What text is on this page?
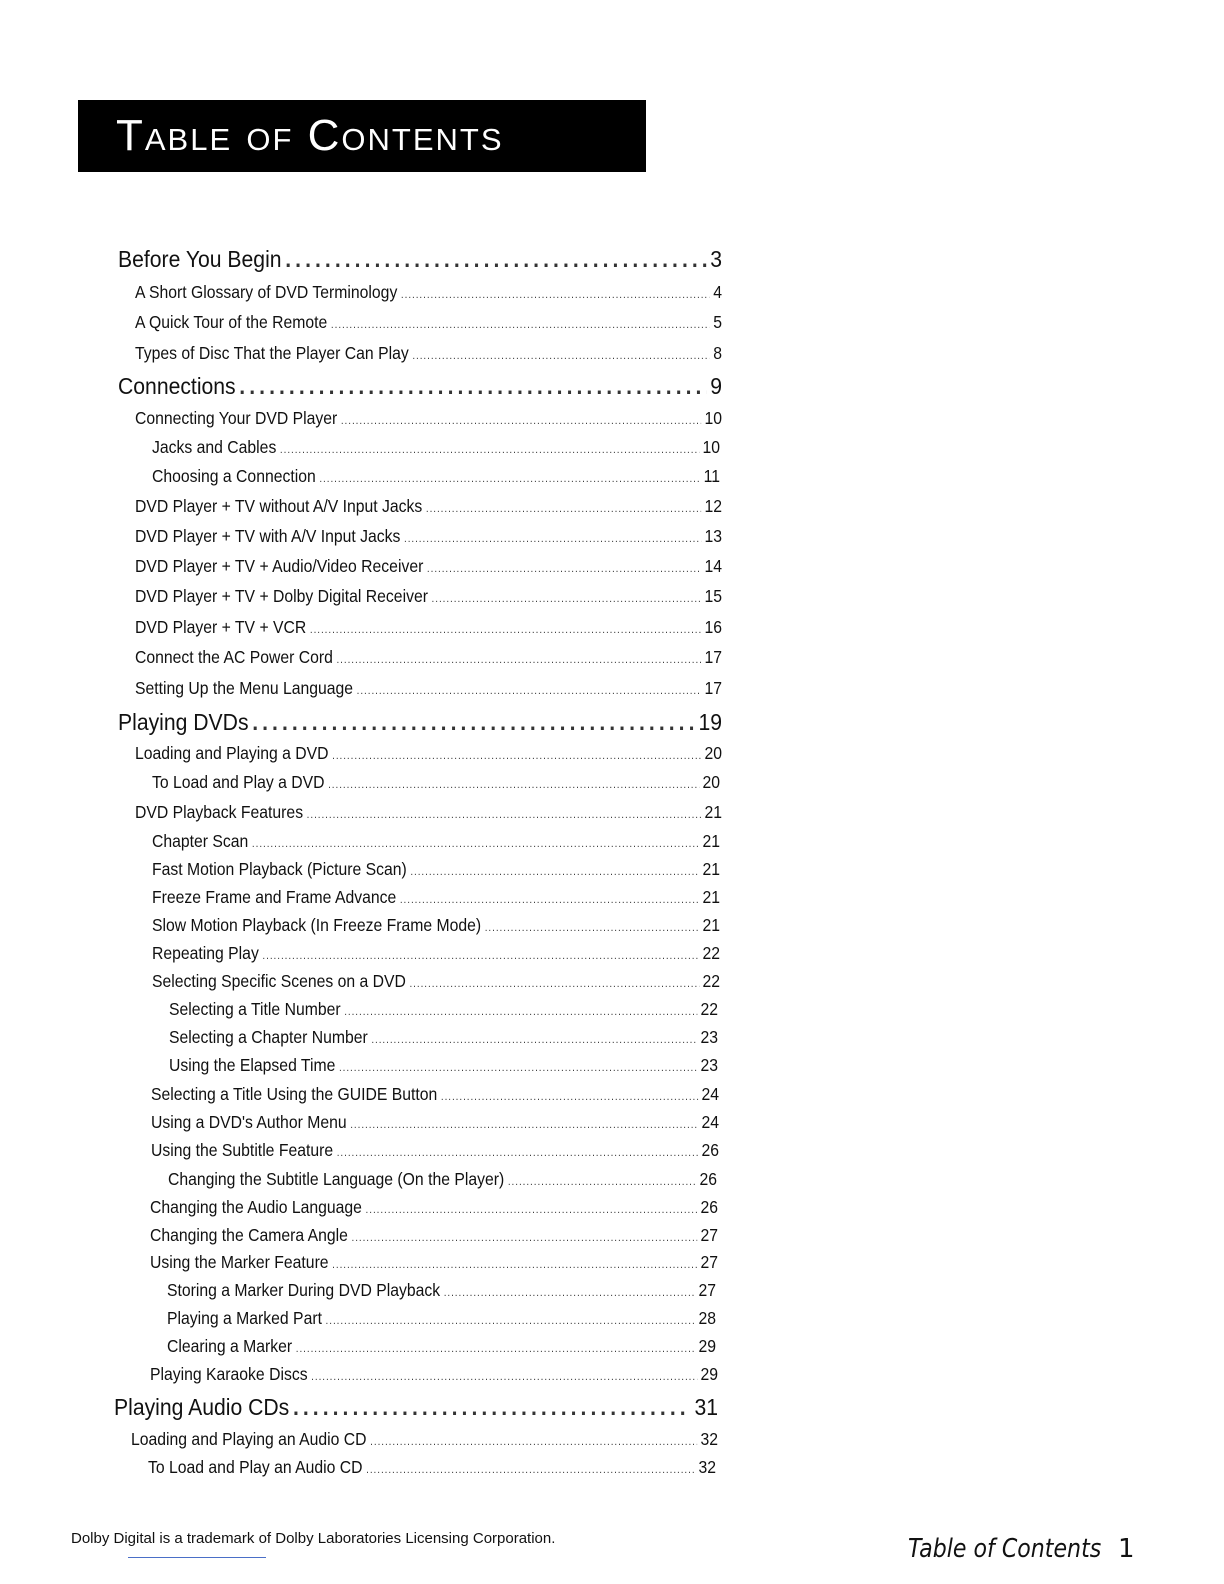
Table of Contents
Before You Begin . . .	3
A Short Glossary of DVD Terminology . . .	4
A Quick Tour of the Remote . . .	5
Types of Disc That the Player Can Play . . .	8
Connections . . .	9
Connecting Your DVD Player . . .	10
Jacks and Cables . . .	10
Choosing a Connection . . .	11
DVD Player + TV without A/V Input Jacks . . .	12
DVD Player + TV with A/V Input Jacks . . .	13
DVD Player + TV + Audio/Video Receiver . . .	14
DVD Player + TV + Dolby Digital Receiver . . .	15
DVD Player + TV + VCR . . .	16
Connect the AC Power Cord . . .	17
Setting Up the Menu Language . . .	17
Playing DVDs . . .	19
Loading and Playing a DVD . . .	20
To Load and Play a DVD . . .	20
DVD Playback Features . . .	21
Chapter Scan . . .	21
Fast Motion Playback (Picture Scan) . . .	21
Freeze Frame and Frame Advance . . .	21
Slow Motion Playback (In Freeze Frame Mode) . . .	21
Repeating Play . . .	22
Selecting Specific Scenes on a DVD . . .	22
Selecting a Title Number . . .	22
Selecting a Chapter Number . . .	23
Using the Elapsed Time . . .	23
Selecting a Title Using the GUIDE Button . . .	24
Using a DVD's Author Menu . . .	24
Using the Subtitle Feature . . .	26
Changing the Subtitle Language (On the Player) . . .	26
Changing the Audio Language . . .	26
Changing the Camera Angle . . .	27
Using the Marker Feature . . .	27
Storing a Marker During DVD Playback . . .	27
Playing a Marked Part . . .	28
Clearing a Marker . . .	29
Playing Karaoke Discs . . .	29
Playing Audio CDs . . .	31
Loading and Playing an Audio CD . . .	32
To Load and Play an Audio CD . . .	32
Dolby Digital is a trademark of Dolby Laboratories Licensing Corporation.	Table of Contents 1
